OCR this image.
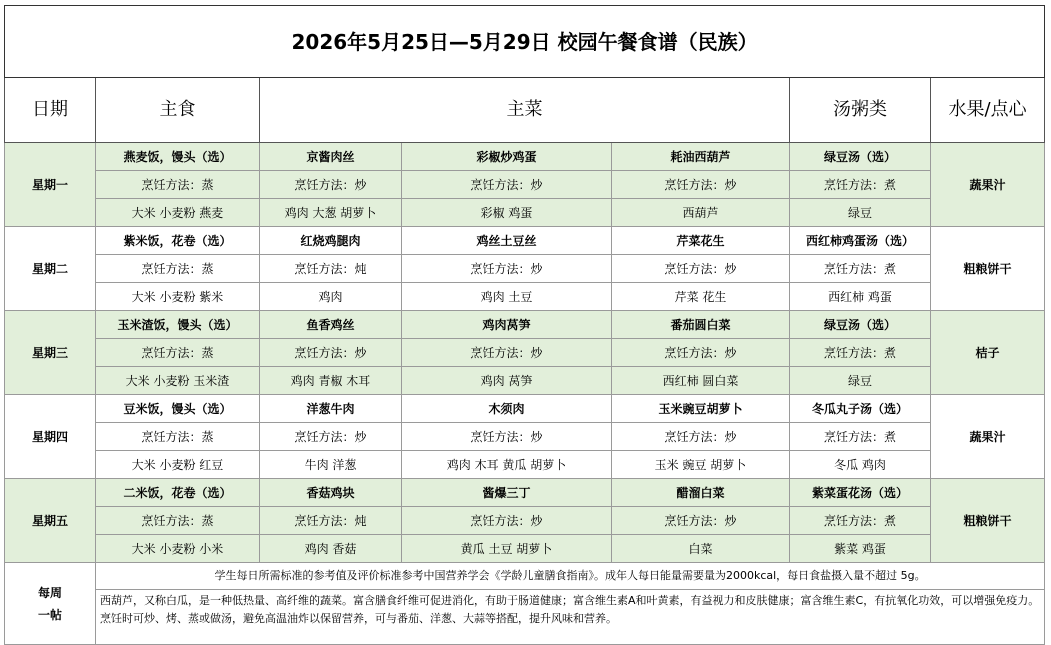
2026年5月25日—5月29日 校园午餐食谱（民族）						
日期	主食	主菜			汤粥类	水果/点心
星期一	燕麦饭，馒头（选）	京酱肉丝	彩椒炒鸡蛋	耗油西葫芦	绿豆汤（选）	蔬果汁
	烹饪方法：蒸	烹饪方法：炒	烹饪方法：炒	烹饪方法：炒	烹饪方法：煮	
	大米 小麦粉 燕麦	鸡肉 大葱 胡萝卜	彩椒 鸡蛋	西葫芦	绿豆	
星期二	紫米饭，花卷（选）	红烧鸡腿肉	鸡丝土豆丝	芹菜花生	西红柿鸡蛋汤（选）	粗粮饼干
	烹饪方法：蒸	烹饪方法：炖	烹饪方法：炒	烹饪方法：炒	烹饪方法：煮	
	大米 小麦粉 紫米	鸡肉	鸡肉 土豆	芹菜 花生	西红柿 鸡蛋	
星期三	玉米渣饭，馒头（选）	鱼香鸡丝	鸡肉莴笋	番茄圆白菜	绿豆汤（选）	桔子
	烹饪方法：蒸	烹饪方法：炒	烹饪方法：炒	烹饪方法：炒	烹饪方法：煮	
	大米 小麦粉 玉米渣	鸡肉 青椒 木耳	鸡肉 莴笋	西红柿 圆白菜	绿豆	
星期四	豆米饭，馒头（选）	洋葱牛肉	木须肉	玉米豌豆胡萝卜	冬瓜丸子汤（选）	蔬果汁
	烹饪方法：蒸	烹饪方法：炒	烹饪方法：炒	烹饪方法：炒	烹饪方法：煮	
	大米 小麦粉 红豆	牛肉 洋葱	鸡肉 木耳 黄瓜 胡萝卜	玉米 豌豆 胡萝卜	冬瓜 鸡肉	
星期五	二米饭，花卷（选）	香菇鸡块	酱爆三丁	醋溜白菜	紫菜蛋花汤（选）	粗粮饼干
	烹饪方法：蒸	烹饪方法：炖	烹饪方法：炒	烹饪方法：炒	烹饪方法：煮	
	大米 小麦粉 小米	鸡肉 香菇	黄瓜 土豆 胡萝卜	白菜	紫菜 鸡蛋	

每周
一帖	学生每日所需标准的参考值及评价标准参考中国营养学会《学龄儿童膳食指南》。成年人每日能量需要量为2000kcal，每日食盐摄入量不超过 5g。					
	西葫芦，又称白瓜，是一种低热量、高纤维的蔬菜。富含膳食纤维可促进消化，有助于肠道健康；富含维生素A和叶黄素，有益视力和皮肤健康；富含维生素C，有抗氧化功效，可以增强免疫力。烹饪时可炒、烤、蒸或做汤，避免高温油炸以保留营养，可与番茄、洋葱、大蒜等搭配，提升风味和营养。					
